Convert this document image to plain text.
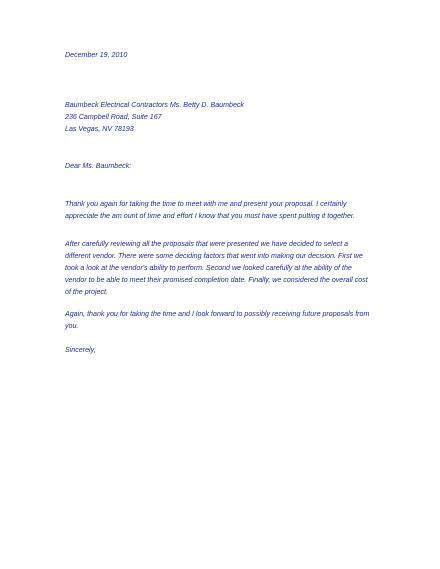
December 19, 2010
Baumbeck Electrical Contractors Ms. Betty D. Baumbeck
236 Campbell Road, Suite 167
Las Vegas, NV 78193
Dear Ms. Baumbeck:
Thank you again for taking the time to meet with me and present your proposal. I certainly
appreciate the am ount of time and effort I know that you must have spent putting it together.
After carefully reviewing all the proposals that were presented we have decided to select a
different vendor. There were some deciding factors that went into making our decision. First we
took a look at the vendor's ability to perform. Second we looked carefully at the ability of the
vendor to be able to meet their promised completion date. Finally, we considered the overall cost
of the project.
Again, thank you for taking the time and I look forward to possibly receiving future proposals from
you.
Sincerely,
